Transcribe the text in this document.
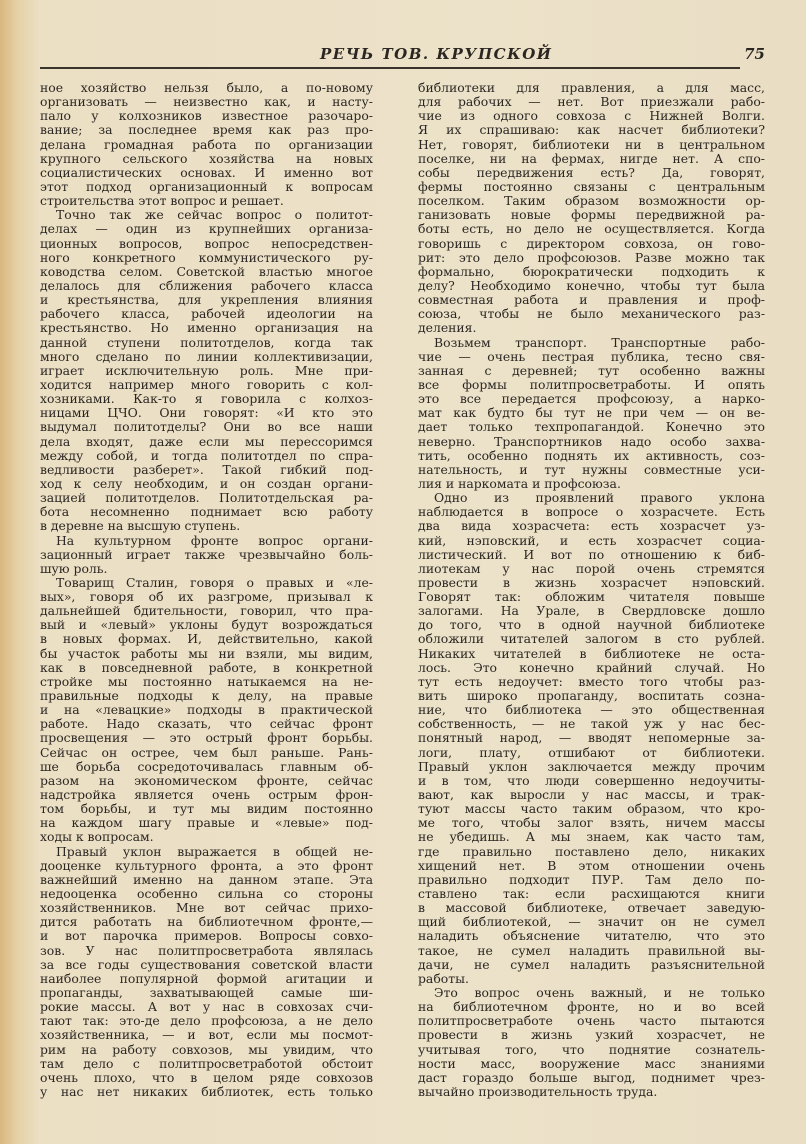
РЕЧЬ ТОВ. КРУПСКОЙ	75
ное хозяйство нельзя было, а по-новому
организовать — неизвестно как, и насту-
пало у колхозников известное разочаро-
вание; за последнее время как раз про-
делана громадная работа по организации
крупного сельского хозяйства на новых
социалистических основах. И именно вот
этот подход организационный к вопросам
строительства этот вопрос и решает.
Точно так же сейчас вопрос о политот-
делах — один из крупнейших организа-
ционных вопросов, вопрос непосредствен-
ного конкретного коммунистического ру-
ководства селом. Советской властью многое
делалось для сближения рабочего класса
и крестьянства, для укрепления влияния
рабочего класса, рабочей идеологии на
крестьянство. Но именно организация на
данной ступени политотделов, когда так
много сделано по линии коллективизации,
играет исключительную роль. Мне при-
ходится например много говорить с кол-
хозниками. Как-то я говорила с колхоз-
ницами ЦЧО. Они говорят: «И кто это
выдумал политотделы? Они во все наши
дела входят, даже если мы перессоримся
между собой, и тогда политотдел по спра-
ведливости разберет». Такой гибкий под-
ход к селу необходим, и он создан органи-
зацией политотделов. Политотдельская ра-
бота несомненно поднимает всю работу
в деревне на высшую ступень.
На культурном фронте вопрос органи-
зационный играет также чрезвычайно боль-
шую роль.
Товарищ Сталин, говоря о правых и «ле-
вых», говоря об их разгроме, призывал к
дальнейшей бдительности, говорил, что пра-
вый и «левый» уклоны будут возрождаться
в новых формах. И, действительно, какой
бы участок работы мы ни взяли, мы видим,
как в повседневной работе, в конкретной
стройке мы постоянно натыкаемся на не-
правильные подходы к делу, на правые
и на «левацкие» подходы в практической
работе. Надо сказать, что сейчас фронт
просвещения — это острый фронт борьбы.
Сейчас он острее, чем был раньше. Рань-
ше борьба сосредоточивалась главным об-
разом на экономическом фронте, сейчас
надстройка является очень острым фрон-
том борьбы, и тут мы видим постоянно
на каждом шагу правые и «левые» под-
ходы к вопросам.
Правый уклон выражается в общей не-
дооценке культурного фронта, а это фронт
важнейший именно на данном этапе. Эта
недооценка особенно сильна со стороны
хозяйственников. Мне вот сейчас прихо-
дится работать на библиотечном фронте,—
и вот парочка примеров. Вопросы совхо-
зов. У нас политпросветработа являлась
за все годы существования советской власти
наиболее популярной формой агитации и
пропаганды, захватывающей самые ши-
рокие массы. А вот у нас в совхозах счи-
тают так: это-де дело профсоюза, а не дело
хозяйственника, — и вот, если мы посмот-
рим на работу совхозов, мы увидим, что
там дело с политпросветработой обстоит
очень плохо, что в целом ряде совхозов
у нас нет никаких библиотек, есть только
библиотеки для правления, а для масс,
для рабочих — нет. Вот приезжали рабо-
чие из одного совхоза с Нижней Волги.
Я их спрашиваю: как насчет библиотеки?
Нет, говорят, библиотеки ни в центральном
поселке, ни на фермах, нигде нет. А спо-
собы передвижения есть? Да, говорят,
фермы постоянно связаны с центральным
поселком. Таким образом возможности ор-
ганизовать новые формы передвижной ра-
боты есть, но дело не осуществляется. Когда
говоришь с директором совхоза, он гово-
рит: это дело профсоюзов. Разве можно так
формально, бюрократически подходить к
делу? Необходимо конечно, чтобы тут была
совместная работа и правления и проф-
союза, чтобы не было механического раз-
деления.
Возьмем транспорт. Транспортные рабо-
чие — очень пестрая публика, тесно свя-
занная с деревней; тут особенно важны
все формы политпросветработы. И опять
это все передается профсоюзу, а нарко-
мат как будто бы тут не при чем — он ве-
дает только техпропагандой. Конечно это
неверно. Транспортников надо особо захва-
тить, особенно поднять их активность, соз-
нательность, и тут нужны совместные уси-
лия и наркомата и профсоюза.
Одно из проявлений правого уклона
наблюдается в вопросе о хозрасчете. Есть
два вида хозрасчета: есть хозрасчет уз-
кий, нэповский, и есть хозрасчет социа-
листический. И вот по отношению к биб-
лиотекам у нас порой очень стремятся
провести в жизнь хозрасчет нэповский.
Говорят так: обложим читателя повыше
залогами. На Урале, в Свердловске дошло
до того, что в одной научной библиотеке
обложили читателей залогом в сто рублей.
Никаких читателей в библиотеке не оста-
лось. Это конечно крайний случай. Но
тут есть недоучет: вместо того чтобы раз-
вить широко пропаганду, воспитать созна-
ние, что библиотека — это общественная
собственность, — не такой уж у нас бес-
понятный народ, — вводят непомерные за-
логи, плату, отшибают от библиотеки.
Правый уклон заключается между прочим
и в том, что люди совершенно недоучиты-
вают, как выросли у нас массы, и трак-
туют массы часто таким образом, что кро-
ме того, чтобы залог взять, ничем массы
не убедишь. А мы знаем, как часто там,
где правильно поставлено дело, никаких
хищений нет. В этом отношении очень
правильно подходит ПУР. Там дело по-
ставлено так: если расхищаются книги
в массовой библиотеке, отвечает заведую-
щий библиотекой, — значит он не сумел
наладить объяснение читателю, что это
такое, не сумел наладить правильной вы-
дачи, не сумел наладить разъяснительной
работы.
Это вопрос очень важный, и не только
на библиотечном фронте, но и во всей
политпросветработе очень часто пытаются
провести в жизнь узкий хозрасчет, не
учитывая того, что поднятие сознатель-
ности масс, вооружение масс знаниями
даст гораздо больше выгод, поднимет чрез-
вычайно производительность труда.
